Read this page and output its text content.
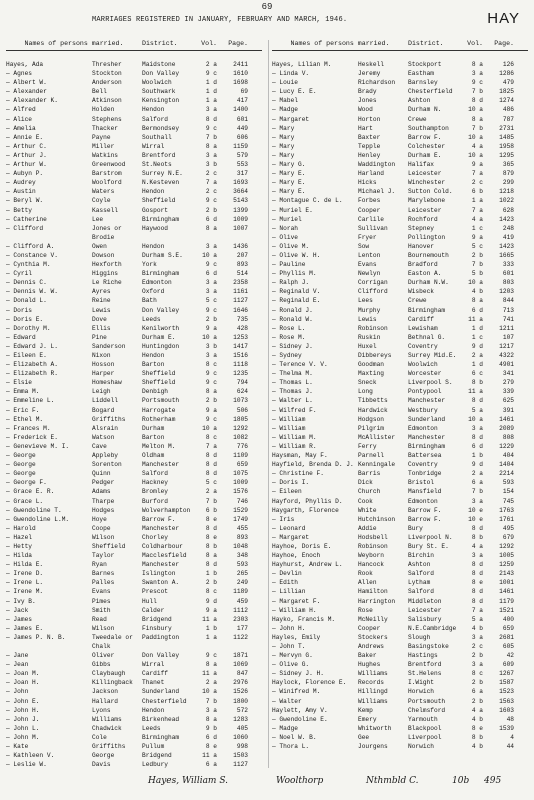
69
MARRIAGES REGISTERED IN JANUARY, FEBRUARY AND MARCH, 1946.	HAY
Names of persons married.	District.	Vol.	Page.	Names of persons married.	District.	Vol.	Page.
Hayes, Ada	Thresher	Maidstone	2 a	2411
— Agnes	Stockton	Don Valley	9 c	1610
— Albert W.	Anderson	Woolwich	1 d	1698
— Alexander	Bell	Southwark	1 d	69
— Alexander K.	Atkinson	Kensington	1 a	417
— Alfred	Holden	Hendon	3 a	1400
— Alice	Stephens	Salford	8 d	601
— Amelia	Thacker	Bermondsey	9 c	449
— Annie E.	Payne	Southall	7 b	606
— Arthur C.	Miller	Wirral	8 a	1159
— Arthur J.	Watkins	Brentford	3 a	579
— Arthur W.	Greenwood	St.Neots	3 b	553
— Aubyn P.	Barstrom	Surrey N.E.	2 c	317
— Audrey	Woolford	N.Kesteven	7 a	1693
— Austin	Waters	Hendon	2 c	3664
— Beryl W.	Coyle	Sheffield	9 c	5143
— Betty	Kassell	Gosport	2 b	1399
— Catherine	Lee	Birmingham	6 d	1009
— Clifford	Jones or	Haywood	8 a	1007
Brodie
— Clifford A.	Owen	Hendon	3 a	1436
— Constance V.	Dowson	Durham S.E.	10 a	207
— Cynthia M.	Hexforth	York	9 c	893
— Cyril	Higgins	Birmingham	6 d	514
— Dennis C.	Le Riche	Edmonton	3 a	2358
— Dennis W. W.	Ayres	Oxford	3 a	1161
— Donald L.	Reine	Bath	5 c	1127
— Doris	Lewis	Don Valley	9 c	1646
— Doris E.	Dove	Leeds	2 b	735
— Dorothy M.	Ellis	Kenilworth	9 a	428
— Edward	Pine	Durham E.	10 a	1253
— Edward J. L.	Sanderson	Huntingdon	3 b	1417
— Eileen E.	Nixon	Hendon	3 a	1516
— Elizabeth A.	Hosson	Barton	8 c	1118
— Elizabeth R.	Harper	Sheffield	9 c	1235
— Elsie	Homeshaw	Sheffield	9 c	794
— Emma M.	Leigh	Denbigh	8 a	624
— Emmeline L.	Liddell	Portsmouth	2 b	1073
— Eric F.	Bogard	Harrogate	9 a	506
— Ethel M.	Griffiths	Rotherham	9 c	1805
— Frances M.	Alsrain	Durham	10 a	1292
— Frederick E.	Watson	Barton	8 c	1082
— Genevieve M. I.	Cave	Melton M.	7 a	776
— George	Appleby	Oldham	8 d	1109
— George	Sorenton	Manchester	8 d	659
— George	Quinn	Salford	8 d	1075
— George F.	Pedger	Hackney	5 c	1009
— Grace E. R.	Adams	Bromley	2 a	1576
— Grace L.	Tharpe	Burford	7 b	746
— Gwendoline T.	Hodges	Wolverhampton	6 b	1529
— Gwendoline L.M.	Hoye	Barrow F.	8 e	1749
— Harold	Coope	Manchester	8 d	455
— Hazel	Wilson	Chorley	8 e	893
— Hetty	Sheffield	Coldharbour	8 b	1048
— Hilda	Taylor	Macclesfield	8 a	348
— Hilda E.	Ryan	Manchester	8 d	593
— Irene D.	Barnes	Islington	1 b	265
— Irene L.	Palles	Swanton A.	2 b	249
— Irene M.	Evans	Prescot	8 c	1189
— Ivy B.	Pimes	Hull	9 d	459
— Jack	Smith	Calder	9 a	1112
— James	Read	Bridgend	11 a	2303
— James E.	Wilson	Finsbury	1 b	177
— James P. N. B.	Tweedale or	Paddington	1 a	1122
Chalk
— Jane	Oliver	Don Valley	9 c	1871
— Jean	Gibbs	Wirral	8 a	1069
— Joan M.	Claybaugh	Cardiff	11 a	847
— Joan H.	Killingback	Thanet	2 a	2976
— John	Jackson	Sunderland	10 a	1526
— John E.	Hallard	Chesterfield	7 b	1800
— John H.	Lyons	Hendon	3 a	572
— John J.	Williams	Birkenhead	8 a	1283
— John L.	Chadwick	Leeds	9 b	405
— John M.	Cole	Birmingham	6 d	1060
— Kate	Griffiths	Pullum	8 e	998
— Kathleen V.	George	Bridgend	11 a	1503
— Leslie W.	Davis	Ledbury	6 a	1127
Hayes, Lilian M.	Heskell	Stockport	8 a	126
— Linda V.	Jeremy	Eastham	3 a	1286
— Louie	Richardson	Barnsley	9 c	479
— Lucy E. E.	Brady	Chesterfield	7 b	1825
— Mabel	Jones	Ashton	8 d	1274
— Madge	Wood	Durham N.	10 a	486
— Margaret	Horton	Crewe	8 a	787
— Mary	Hart	Southampton	7 b	2731
— Mary	Baxter	Barrow F.	10 a	1485
— Mary	Tepple	Colchester	4 a	1958
— Mary	Henley	Durham E.	10 a	1295
— Mary G.	Waddington	Halifax	9 a	365
— Mary E.	Harland	Leicester	7 a	879
— Mary E.	Hicks	Winchester	2 c	299
— Mary E.	Michael J.	Sutton Cold.	6 b	1218
— Montague C. de L.	Forbes	Marylebone	1 a	1022
— Muriel E.	Cooper	Leicester	7 a	628
— Muriel	Carlile	Rochford	4 a	1423
— Norah	Sullivan	Stepney	1 c	248
— Olive	Fryer	Pollington	9 a	419
— Olive M.	Sow	Hanover	5 c	1423
— Olive W. H.	Lenton	Bournemouth	2 b	1665
— Pauline	Evans	Bradford	7 b	333
— Phyllis M.	Newlyn	Easton A.	5 b	601
— Ralph J.	Corrigan	Durham N.W.	10 a	803
— Reginald V.	Clifford	Wisbeck	4 b	1203
— Reginald E.	Lees	Crewe	8 a	844
— Ronald J.	Murphy	Birmingham	6 d	713
— Ronald W.	Lewis	Cardiff	11 a	741
— Rose L.	Robinson	Lewisham	1 d	1211
— Rose M.	Ruskin	Bethnal G.	1 c	107
— Sidney J.	Huxel	Coventry	9 d	1217
— Sydney	Dibbereys	Surrey Mid.E.	2 a	4322
— Terence V. V.	Goodman	Woolwich	1 d	4901
— Thelma M.	Maxting	Worcester	6 c	341
— Thomas L.	Sneck	Liverpool S.	8 b	279
— Thomas J.	Long	Pontypool	11 a	339
— Walter L.	Tibbetts	Manchester	8 d	625
— Wilfred F.	Hardwick	Westbury	5 a	391
— William	Hodgson	Sunderland	10 a	1461
— William	Pilgrim	Edmonton	3 a	2089
— William M.	McAllister	Manchester	8 d	808
— William R.	Ferry	Birmingham	6 d	1229
Haysman, May F.	Parnell	Battersea	1 b	404
Hayfield, Brenda D. J. Kenningale	Coventry	9 d	1404
— Christine F.	Barris	Tonbridge	2 a	2214
— Doris I.	Dick	Bristol	6 a	593
— Eileen	Church	Mansfield	7 b	154
Hayford, Phyllis D.	Cook	Edmonton	3 a	745
Haygarth, Florence	White	Barrow F.	10 e	1763
— Iris	Hutchinson	Barrow F.	10 e	1761
— Leonard	Addie	Bury	8 d	495
— Margaret	Hodsbell	Liverpool N.	8 b	679
Hayhoe, Doris E.	Robinson	Bury St. E.	4 a	1292
Hayhoe, Enoch	Weyborn	Birchin	3 a	1005
Hayhurst, Andrew L.	Hancock	Ashton	8 d	1259
— Devlin	Rook	Salford	8 d	2143
— Edith	Allen	Lytham	8 e	1001
— Lillian	Hamilton	Salford	8 d	1461
— Margaret F.	Harrington	Middleton	8 d	1179
— William H.	Rose	Leicester	7 a	1521
Hayko, Francis M.	McNeilly	Salisbury	5 a	400
— John H.	Cooper	N.E.Cambridge	4 b	659
Hayles, Emily	Stockers	Slough	3 a	2681
— John T.	Andrews	Basingstoke	2 c	605
— Mervyn G.	Baker	Hastings	2 b	42
— Olive G.	Hughes	Brentford	3 a	609
— Sidney J. H.	Williams	St.Helens	8 c	1267
Haylock, Florence E.	Records	I.Wight	2 b	1587
— Winifred M.	Hillingd	Horwich	6 a	1523
— Walter	Williams	Portsmouth	2 b	1563
Haylett, Amy V.	Kemp	Chelmsford	4 a	1603
— Gwendoline E.	Emery	Yarmouth	4 b	48
— Madge	Whitworth	Blackpool	8 e	1539
— Noel W. B.	Gee	Liverpool	8 b	4
— Thora L.	Jourgens	Norwich	4 b	44
Hayes, William S.	Woolthorp	Nthmbld C.	10b	495
